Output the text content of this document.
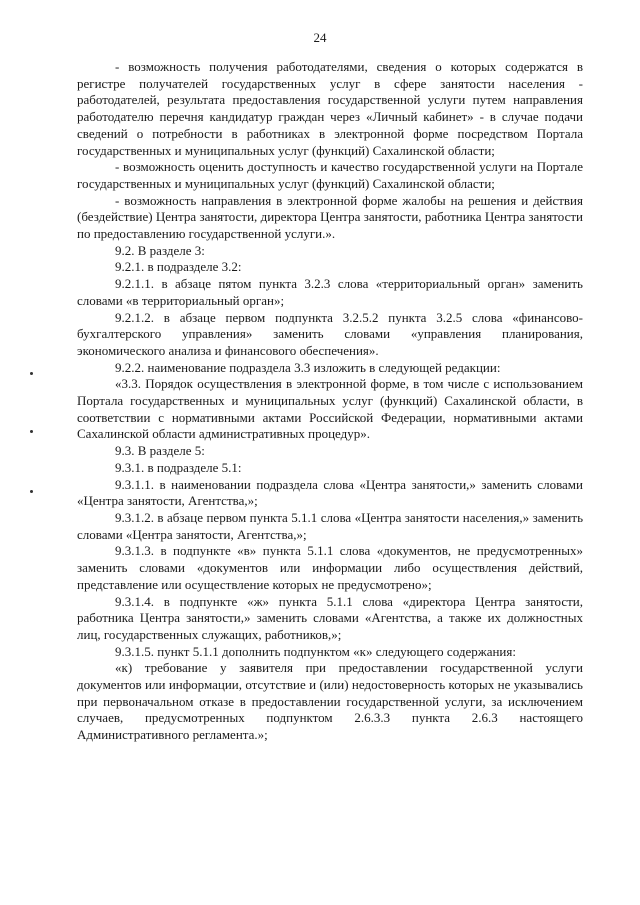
24

- возможность получения работодателями, сведения о которых содержатся в регистре получателей государственных услуг в сфере занятости населения - работодателей, результата предоставления государственной услуги путем направления работодателю перечня кандидатур граждан через «Личный кабинет» - в случае подачи сведений о потребности в работниках в электронной форме посредством Портала государственных и муниципальных услуг (функций) Сахалинской области;

- возможность оценить доступность и качество государственной услуги на Портале государственных и муниципальных услуг (функций) Сахалинской области;

- возможность направления в электронной форме жалобы на решения и действия (бездействие) Центра занятости, директора Центра занятости, работника Центра занятости по предоставлению государственной услуги.».

9.2. В разделе 3:

9.2.1. в подразделе 3.2:

9.2.1.1. в абзаце пятом пункта 3.2.3 слова «территориальный орган» заменить словами «в территориальный орган»;

9.2.1.2. в абзаце первом подпункта 3.2.5.2 пункта 3.2.5 слова «финансово-бухгалтерского управления» заменить словами «управления планирования, экономического анализа и финансового обеспечения».

9.2.2. наименование подраздела 3.3 изложить в следующей редакции:

«3.3. Порядок осуществления в электронной форме, в том числе с использованием Портала государственных и муниципальных услуг (функций) Сахалинской области, в соответствии с нормативными актами Российской Федерации, нормативными актами Сахалинской области административных процедур».

9.3. В разделе 5:

9.3.1. в подразделе 5.1:

9.3.1.1. в наименовании подраздела слова «Центра занятости,» заменить словами «Центра занятости, Агентства,»;

9.3.1.2. в абзаце первом пункта 5.1.1 слова «Центра занятости населения,» заменить словами «Центра занятости, Агентства,»;

9.3.1.3. в подпункте «в» пункта 5.1.1 слова «документов, не предусмотренных» заменить словами «документов или информации либо осуществления действий, представление или осуществление которых не предусмотрено»;

9.3.1.4. в подпункте «ж» пункта 5.1.1 слова «директора Центра занятости, работника Центра занятости,» заменить словами «Агентства, а также их должностных лиц, государственных служащих, работников,»;

9.3.1.5. пункт 5.1.1 дополнить подпунктом «к» следующего содержания:

«к) требование у заявителя при предоставлении государственной услуги документов или информации, отсутствие и (или) недостоверность которых не указывались при первоначальном отказе в предоставлении государственной услуги, за исключением случаев, предусмотренных подпунктом 2.6.3.3 пункта 2.6.3 настоящего Административного регламента.»;
